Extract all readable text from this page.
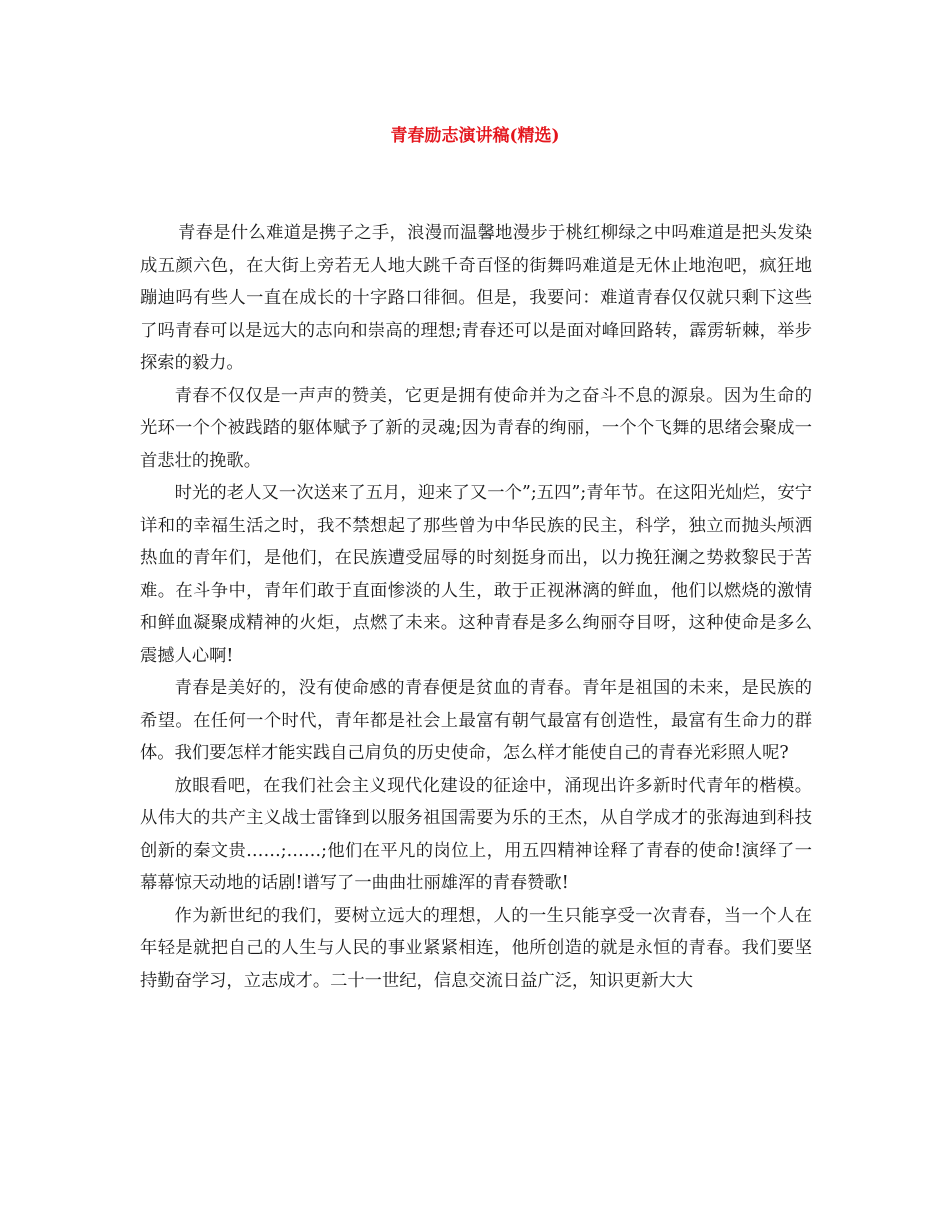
青春励志演讲稿(精选)

青春是什么难道是携子之手，浪漫而温馨地漫步于桃红柳绿之中吗难道是把头发染成五颜六色，在大街上旁若无人地大跳千奇百怪的街舞吗难道是无休止地泡吧，疯狂地蹦迪吗有些人一直在成长的十字路口徘徊。但是，我要问：难道青春仅仅就只剩下这些了吗青春可以是远大的志向和崇高的理想;青春还可以是面对峰回路转，霹雳斩棘，举步探索的毅力。

青春不仅仅是一声声的赞美，它更是拥有使命并为之奋斗不息的源泉。因为生命的光环一个个被践踏的躯体赋予了新的灵魂;因为青春的绚丽，一个个飞舞的思绪会聚成一首悲壮的挽歌。

时光的老人又一次送来了五月，迎来了又一个”;五四”;青年节。在这阳光灿烂，安宁详和的幸福生活之时，我不禁想起了那些曾为中华民族的民主，科学，独立而抛头颅洒热血的青年们，是他们，在民族遭受屈辱的时刻挺身而出，以力挽狂澜之势救黎民于苦难。在斗争中，青年们敢于直面惨淡的人生，敢于正视淋漓的鲜血，他们以燃烧的激情和鲜血凝聚成精神的火炬，点燃了未来。这种青春是多么绚丽夺目呀，这种使命是多么震撼人心啊!

青春是美好的，没有使命感的青春便是贫血的青春。青年是祖国的未来，是民族的希望。在任何一个时代，青年都是社会上最富有朝气最富有创造性，最富有生命力的群体。我们要怎样才能实践自己肩负的历史使命，怎么样才能使自己的青春光彩照人呢?

放眼看吧，在我们社会主义现代化建设的征途中，涌现出许多新时代青年的楷模。从伟大的共产主义战士雷锋到以服务祖国需要为乐的王杰，从自学成才的张海迪到科技创新的秦文贵……;……;他们在平凡的岗位上，用五四精神诠释了青春的使命!演绎了一幕幕惊天动地的话剧!谱写了一曲曲壮丽雄浑的青春赞歌!

作为新世纪的我们，要树立远大的理想，人的一生只能享受一次青春，当一个人在年轻是就把自己的人生与人民的事业紧紧相连，他所创造的就是永恒的青春。我们要坚持勤奋学习，立志成才。二十一世纪，信息交流日益广泛，知识更新大大
